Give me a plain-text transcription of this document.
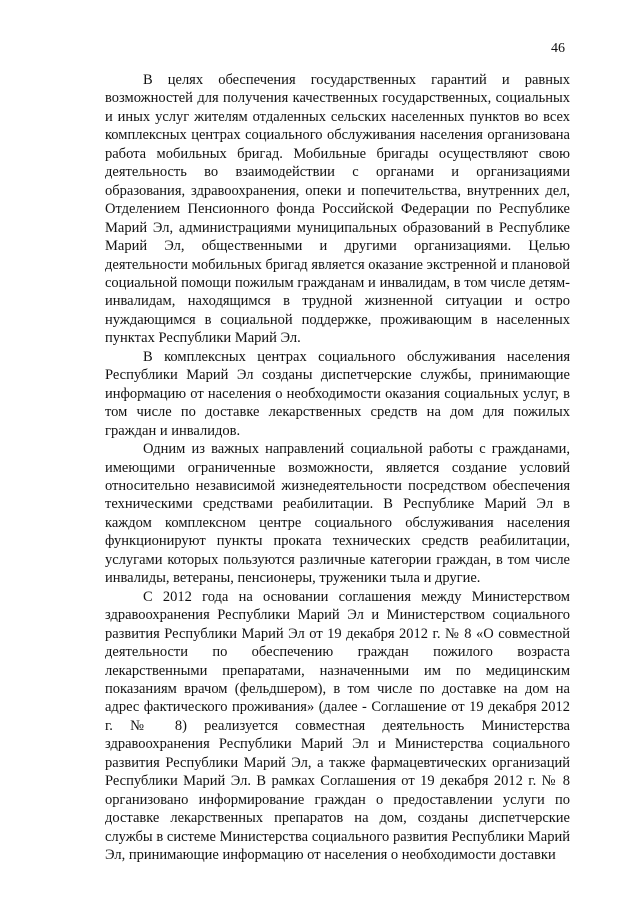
46

В целях обеспечения государственных гарантий и равных возможностей для получения качественных государственных, социальных и иных услуг жителям отдаленных сельских населенных пунктов во всех комплексных центрах социального обслуживания населения организована работа мобильных бригад. Мобильные бригады осуществляют свою деятельность во взаимодействии с органами и организациями образования, здравоохранения, опеки и попечительства, внутренних дел, Отделением Пенсионного фонда Российской Федерации по Республике Марий Эл, администрациями муниципальных образований в Республике Марий Эл, общественными и другими организациями. Целью деятельности мобильных бригад является оказание экстренной и плановой социальной помощи пожилым гражданам и инвалидам, в том числе детям-инвалидам, находящимся в трудной жизненной ситуации и остро нуждающимся в социальной поддержке, проживающим в населенных пунктах Республики Марий Эл.

В комплексных центрах социального обслуживания населения Республики Марий Эл созданы диспетчерские службы, принимающие информацию от населения о необходимости оказания социальных услуг, в том числе по доставке лекарственных средств на дом для пожилых граждан и инвалидов.

Одним из важных направлений социальной работы с гражданами, имеющими ограниченные возможности, является создание условий относительно независимой жизнедеятельности посредством обеспечения техническими средствами реабилитации. В Республике Марий Эл в каждом комплексном центре социального обслуживания населения функционируют пункты проката технических средств реабилитации, услугами которых пользуются различные категории граждан, в том числе инвалиды, ветераны, пенсионеры, труженики тыла и другие.

С 2012 года на основании соглашения между Министерством здравоохранения Республики Марий Эл и Министерством социального развития Республики Марий Эл от 19 декабря 2012 г. № 8 «О совместной деятельности по обеспечению граждан пожилого возраста лекарственными препаратами, назначенными им по медицинским показаниям врачом (фельдшером), в том числе по доставке на дом на адрес фактического проживания» (далее - Соглашение от 19 декабря 2012 г. № 8) реализуется совместная деятельность Министерства здравоохранения Республики Марий Эл и Министерства социального развития Республики Марий Эл, а также фармацевтических организаций Республики Марий Эл. В рамках Соглашения от 19 декабря 2012 г. № 8 организовано информирование граждан о предоставлении услуги по доставке лекарственных препаратов на дом, созданы диспетчерские службы в системе Министерства социального развития Республики Марий Эл, принимающие информацию от населения о необходимости доставки
